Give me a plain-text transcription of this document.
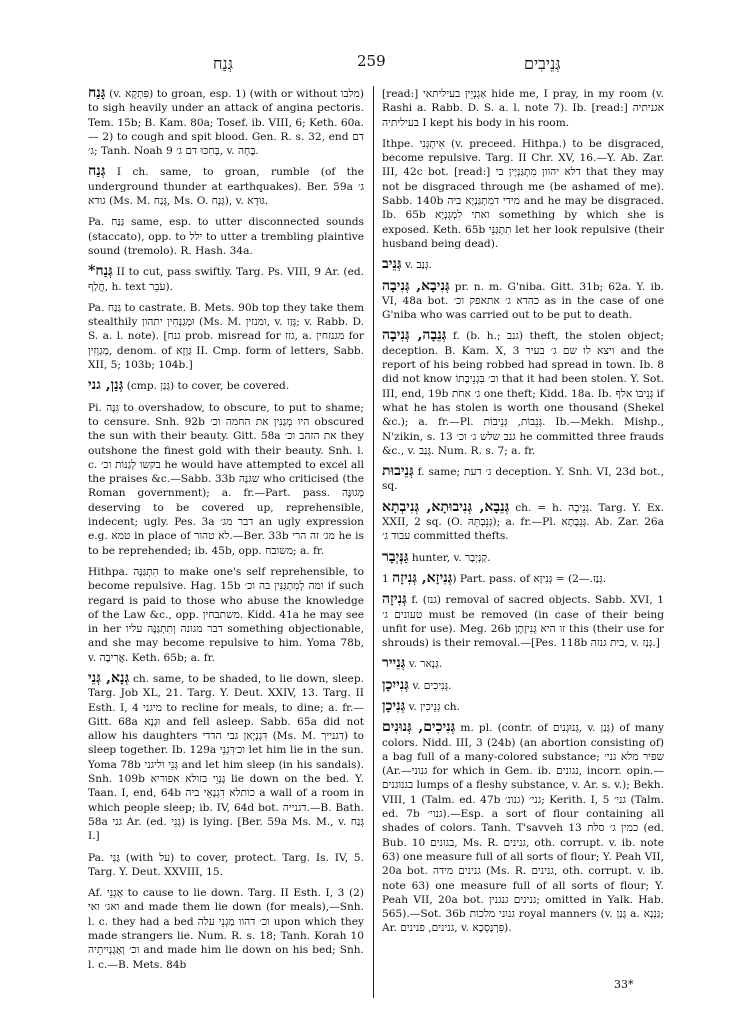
גְּנַח	259	גְּנֵיבִים

גָּנַח (v. פִּתְקָא) to groan, esp. 1) (with or without מלבו) to sigh heavily under an attack of angina pectoris. Tem. 15b; B. Kam. 80a; Tosef. ib. VIII, 6; Keth. 60a.— 2) to cough and spit blood. Gen. R. s. 32, end דם ג׳; Tanh. Noah 9 בְּחִכּוּ דם ג׳, v. בָּחָה.

גְּנַח I ch. same, to groan, rumble (of the underground thunder at earthquakes). Ber. 59a ג׳ גודא (Ms. M. גָּנַח, Ms. O. גְּנָח), v. גּוּדָא.

Pa. גַּנַּח same, esp. to utter disconnected sounds (staccato), opp. to ילל to utter a trembling plaintive sound (tremolo). R. Hash. 34a.

*גְּנַח II to cut, pass swiftly. Targ. Ps. VIII, 9 Ar. (ed. חֲלַף, h. text עֹבֵר).

Pa. גַּנַּח to castrate. B. Mets. 90b top they take them stealthily וּמְגַנְּחִין יתהון (Ms. M. ומנזין, v. גְּזַז; v. Rabb. D. S. a. l. note). [גנח prob. misread for גזז, a. מגנזחין for מְגַוְזִין, denom. of גַּוְזָא II. Cmp. form of letters, Sabb. XII, 5; 103b; 104b.]

גְּנַן, גני (cmp. גָּנַן) to cover, be covered.

Pi. גִּנָּה to overshadow, to obscure, to put to shame; to censure. Snh. 92b היו מְגַנִּין את החמה וכ׳ obscured the sun with their beauty. Gitt. 58a את הזהב וכ׳ they outshone the finest gold with their beauty. Snh. l. c. בקשו לְגַנּוֹת וכ׳ he would have attempted to excel all the praises &c.—Sabb. 33b שגִּנָּה who criticised (the Roman government); a. fr.—Part. pass. מְגוּנֶּה deserving to be covered up, reprehensible, indecent; ugly. Pes. 3a דבר מג׳ an ugly expression e.g. טמא in place of לא טהור.—Ber. 33b מג׳ זה הרי he is to be reprehended; ib. 45b, opp. משובח; a. fr.

Hithpa. הִתְגַּנָּה to make one's self reprehensible, to become repulsive. Hag. 15b ומה לְמִתְגַּנִּין בה וכ׳ if such regard is paid to those who abuse the knowledge of the Law &c., opp. משתבחין. Kidd. 41a he may see in her דבר מגונה וְתִתְגַּנֶּה עליו something objectionable, and she may become repulsive to him. Yoma 78b, v. אֲרִיבָה. Keth. 65b; a. fr.

גְּנָא, גְּנֵי ch. same, to be shaded, to lie down, sleep. Targ. Job XL, 21. Targ. Y. Deut. XXIV, 13. Targ. II Esth. I, 4 מיגני to recline for meals, to dine; a. fr.— Gitt. 68a וּגְנָא and fell asleep. Sabb. 65a did not allow his daughters דִּגְנְיָאן גבי הדדי (Ms. M. דגנייך) to sleep together. Ib. 129a וכ׳דִּגְנֵי let him lie in the sun. Yoma 78b גְּנֵי וליגני and let him sleep (in his sandals). Snh. 109b גָּנְוֵי בזולא אפוריא lie down on the bed. Y. Taan. I, end, 64b כותלא דִגְנָאֵי ביה a wall of a room in which people sleep; ib. IV, 64d bot. דגנייה.—B. Bath. 58a גני Ar. (ed. גָּנֵי) is lying. [Ber. 59a Ms. M., v. גְּנַח I.]

Pa. גַּנִּי (with על) to cover, protect. Targ. Is. IV, 5. Targ. Y. Deut. XXVIII, 15.

Af. אַגְנֵי to cause to lie down. Targ. II Esth. I, 3 (2) ואג׳ ואי and made them lie down (for meals),—Snh. l. c. they had a bed וכ׳ דהוו מַגְנֵי עלה upon which they made strangers lie. Num. R. s. 18; Tanh. Korah 10 וכ׳ וְאַגְנְיִיתֵיה and made him lie down on his bed; Snh. l. c.—B. Mets. 84b

[read:] אַגְנְיֵין בעיליתאי hide me, I pray, in my room (v. Rashi a. Rabb. D. S. a. l. note 7). Ib. [read:] אגניתיה בעיליתיה I kept his body in his room.

Ithpe. אִיתְגְּנִי (v. preceed. Hithpa.) to be disgraced, become repulsive. Targ. II Chr. XV, 16.—Y. Ab. Zar. III, 42c bot. [read:] דלא יהוון מִתְגַּנְיָין בי that they may not be disgraced through me (be ashamed of me). Sabb. 140b מידי דמִתְגַּנְיָא ביה and he may be disgraced. Ib. 65b ואתי לִמְגְנְיָא something by which she is exposed. Keth. 65b תִתְגַּנֵּי let her look repulsive (their husband being dead).

גְּנֵיב v. גְּנַב.

גְּנִיבָא, גְּנִיבָה pr. n. m. G'niba. Gitt. 31b; 62a. Y. ib. VI, 48a bot. כהדא ג׳ אתאפק וכ׳ as in the case of one G'niba who was carried out to be put to death.

גְּנֵבָה, גְּנִיבָה f. (b. h.; גנב) theft, the stolen object; deception. B. Kam. X, 3 ויצא לו שם ג׳ בעיר and the report of his being robbed had spread in town. Ib. 8 did not know וכ׳ בִּגְנֵיבָתוֹ that it had been stolen. Y. Sot. III, end, 19b ג׳ אחת one theft; Kidd. 18a. Ib. גְּנֵיבוֹ אלף if what he has stolen is worth one thousand (Shekel &c.); a. fr.—Pl. גְּנֵבוֹת, גְּנֵיבוֹת. Ib.—Mekh. Mishp., N'zikin, s. 13 גנב שלש ג׳ וכ׳ he committed three frauds &c., v. גְּנַב. Num. R. s. 7; a. fr.

גְּנֵיבוּת f. same; ג׳ דעת deception. Y. Snh. VI, 23d bot., sq.

גְּנֵבָא, גְּנִיבוּתָא, גְּנִיבְתָא ch. = h. גְּנֵיבָה. Targ. Y. Ex. XXII, 2 sq. (O. גְּנֵבְתֵּהּ); a. fr.—Pl. גְּנֵבָתָא. Ab. Zar. 26a עבוד ג׳ committed thefts.

גַּנְּיְבָר hunter, v. קַנְיְבָר.

גְּנִיזָא, גְּנִיזָה 1) Part. pass. of גְּנַז.—2) = גְּנִיזָא.

גְּנִיזָה f. (גנז) removal of sacred objects. Sabb. XVI, 1 טעונים ג׳ must be removed (in case of their being unfit for use). Meg. 26b זו היא גְּנִיזָתָן this (their use for shrouds) is their removal.—[Pes. 118b בית גנזה, v. גְּנַז.]

גְּנֵייר v. גְּנָאר.

גְּנִייִכָן v. גְּנִיכִים.

גְּנִיכָן v. גְּנֵיכִין ch.

גְּנִיכִים, גְּנוּנִים m. pl. (contr. of גְּנוּגְנִים, v. גָּנַן) of many colors. Nidd. III, 3 (24b) (an abortion consisting of) a bag full of a many-colored substance; שפיר מלא גני׳ (Ar.—גנוני for which in Gem. ib. נגונים, incorr. opin.— בגנוגנים lumps of a fleshy substance, v. Ar. s. v.); Bekh. VIII, 1 (Talm. ed. 47b גנונ׳) גני׳; Kerith. I, 5 גני׳ (Talm. ed. 7b גנוי׳).—Esp. a sort of flour containing all shades of colors. Tanh. T'savveh 13 כמין ג׳ סלת (ed. Bub. 10 בגונים, Ms. R. גנינים, oth. corrupt. v. ib. note 63) one measure full of all sorts of flour; Y. Peah VII, 20a bot. גנינים מידה (Ms. R. גנינים, oth. corrupt. v. ib. note 63) one measure full of all sorts of flour; Y. Peah VII, 20a bot. גנינים גנגנין; omitted in Yalk. Hab. 565).—Sot. 36b גנוני מלכות royal manners (v. גָּנַן a. גַּנְנָא; Ar. גנינים, פנינים, v. פִּרְנָסְכָא).

33*
